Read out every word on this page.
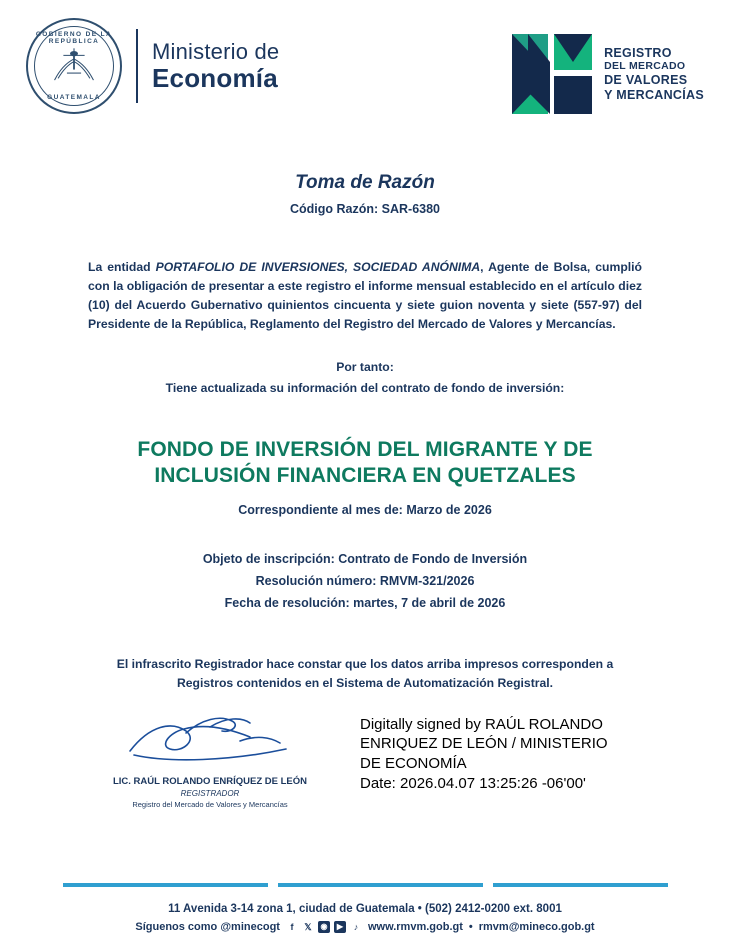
GOBIERNO DE LA REPÚBLICA
GUATEMALA
Ministerio de
Economía
REGISTRO
DEL MERCADO
DE VALORES
Y MERCANCÍAS
Toma de Razón
Código Razón: SAR-6380
La entidad PORTAFOLIO DE INVERSIONES, SOCIEDAD ANÓNIMA, Agente de Bolsa, cumplió con la obligación de presentar a este registro el informe mensual establecido en el artículo diez (10) del Acuerdo Gubernativo quinientos cincuenta y siete guion noventa y siete (557-97) del Presidente de la República, Reglamento del Registro del Mercado de Valores y Mercancías.
Por tanto:
Tiene actualizada su información del contrato de fondo de inversión:
FONDO DE INVERSIÓN DEL MIGRANTE Y DE
INCLUSIÓN FINANCIERA EN QUETZALES
Correspondiente al mes de: Marzo de 2026
Objeto de inscripción: Contrato de Fondo de Inversión
Resolución número: RMVM-321/2026
Fecha de resolución: martes, 7 de abril de 2026
El infrascrito Registrador hace constar que los datos arriba impresos corresponden a
Registros contenidos en el Sistema de Automatización Registral.
LIC. RAÚL ROLANDO ENRÍQUEZ DE LEÓN
REGISTRADOR
Registro del Mercado de Valores y Mercancías
Digitally signed by RAÚL ROLANDO
ENRIQUEZ DE LEÓN / MINISTERIO
DE ECONOMÍA
Date: 2026.04.07 13:25:26 -06'00'
11 Avenida 3-14 zona 1, ciudad de Guatemala • (502) 2412-0200 ext. 8001
Síguenos como @minecogt	f	𝕏	◉	▶	♪ www.rmvm.gob.gt • rmvm@mineco.gob.gt
